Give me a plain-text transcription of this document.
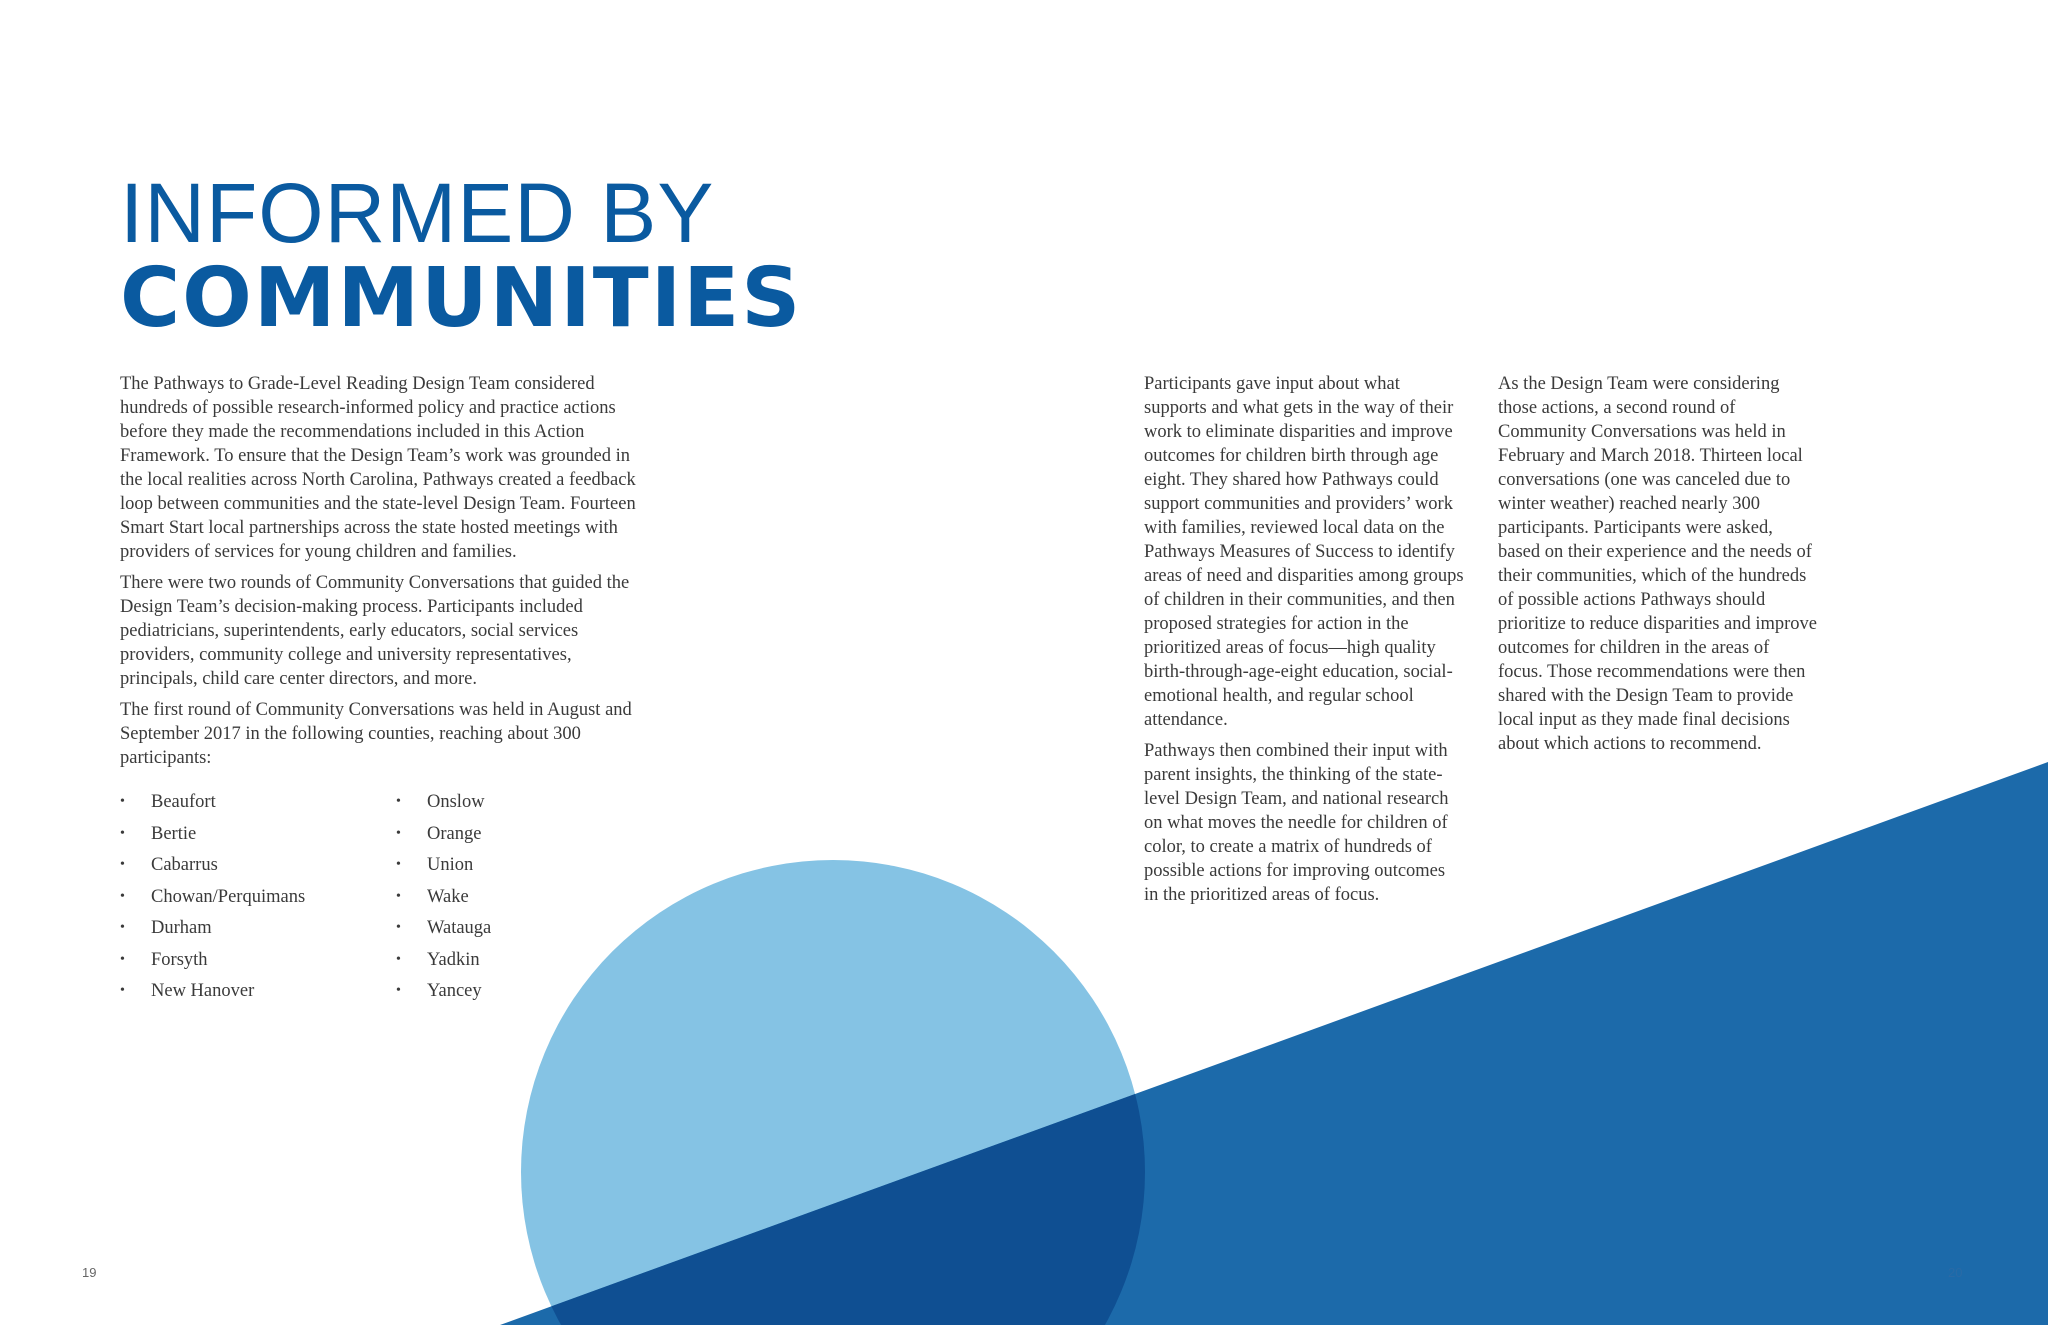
INFORMED BY
COMMUNITIES

The Pathways to Grade-Level Reading Design Team considered hundreds of possible research-informed policy and practice actions before they made the recommendations included in this Action Framework. To ensure that the Design Team’s work was grounded in the local realities across North Carolina, Pathways created a feedback loop between communities and the state-level Design Team. Fourteen Smart Start local partnerships across the state hosted meetings with providers of services for young children and families.

There were two rounds of Community Conversations that guided the Design Team’s decision-making process. Participants included pediatricians, superintendents, early educators, social services providers, community college and university representatives, principals, child care center directors, and more.

The first round of Community Conversations was held in August and September 2017 in the following counties, reaching about 300 participants:

• Beaufort
• Bertie
• Cabarrus
• Chowan/Perquimans
• Durham
• Forsyth
• New Hanover
• Onslow
• Orange
• Union
• Wake
• Watauga
• Yadkin
• Yancey

Participants gave input about what supports and what gets in the way of their work to eliminate disparities and improve outcomes for children birth through age eight. They shared how Pathways could support communities and providers’ work with families, reviewed local data on the Pathways Measures of Success to identify areas of need and disparities among groups of children in their communities, and then proposed strategies for action in the prioritized areas of focus—high quality birth-through-age-eight education, social-emotional health, and regular school attendance.

Pathways then combined their input with parent insights, the thinking of the state-level Design Team, and national research on what moves the needle for children of color, to create a matrix of hundreds of possible actions for improving outcomes in the prioritized areas of focus.

As the Design Team were considering those actions, a second round of Community Conversations was held in February and March 2018. Thirteen local conversations (one was canceled due to winter weather) reached nearly 300 participants. Participants were asked, based on their experience and the needs of their communities, which of the hundreds of possible actions Pathways should prioritize to reduce disparities and improve outcomes for children in the areas of focus. Those recommendations were then shared with the Design Team to provide local input as they made final decisions about which actions to recommend.

19	20
